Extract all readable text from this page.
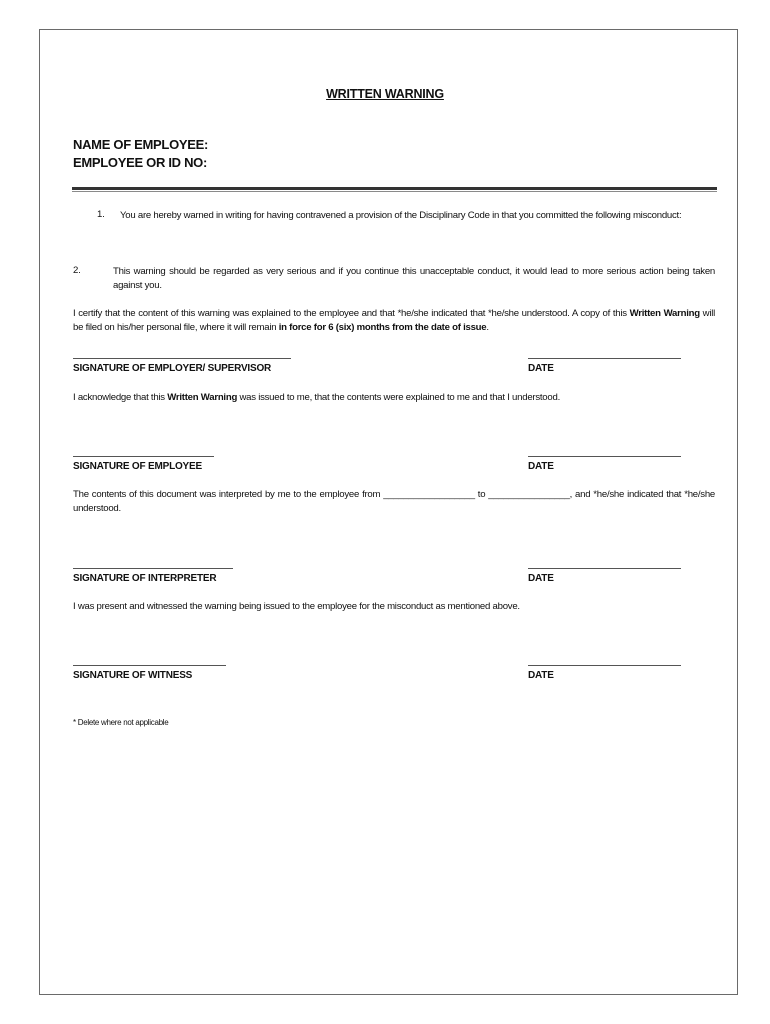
WRITTEN WARNING
NAME OF EMPLOYEE:
EMPLOYEE OR ID NO:
1. You are hereby warned in writing for having contravened a provision of the Disciplinary Code in that you committed the following misconduct:
2.	This warning should be regarded as very serious and if you continue this unacceptable conduct, it would lead to more serious action being taken against you.
I certify that the content of this warning was explained to the employee and that *he/she indicated that *he/she understood. A copy of this Written Warning will be filed on his/her personal file, where it will remain in force for 6 (six) months from the date of issue.
SIGNATURE OF EMPLOYER/ SUPERVISOR	DATE
I acknowledge that this Written Warning was issued to me, that the contents were explained to me and that I understood.
SIGNATURE OF EMPLOYEE	DATE
The contents of this document was interpreted by me to the employee from __________________ to ________________, and *he/she indicated that *he/she understood.
SIGNATURE OF INTERPRETER	DATE
I was present and witnessed the warning being issued to the employee for the misconduct as mentioned above.
SIGNATURE OF WITNESS	DATE
* Delete where not applicable
